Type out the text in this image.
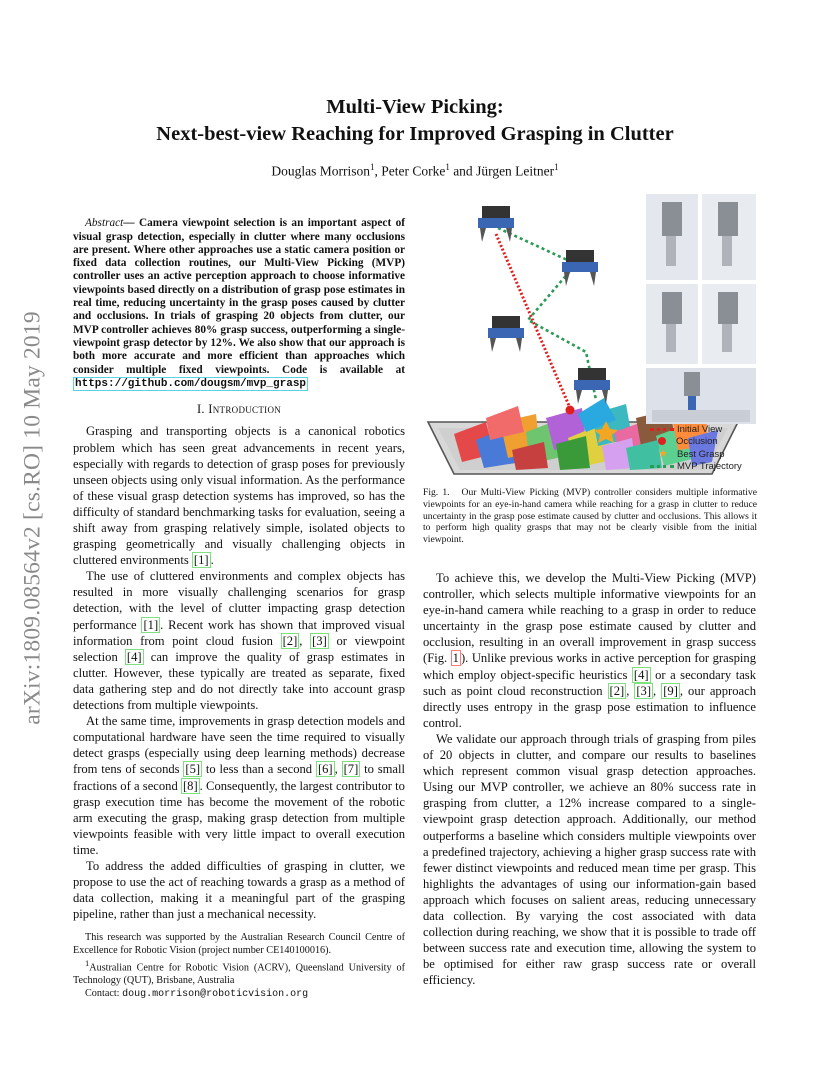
arXiv:1809.08564v2 [cs.RO] 10 May 2019
Multi-View Picking:
Next-best-view Reaching for Improved Grasping in Clutter
Douglas Morrison$^1$, Peter Corke$^1$ and Jürgen Leitner$^1$

Abstract— Camera viewpoint selection is an important aspect of visual grasp detection, especially in clutter where many occlusions are present. Where other approaches use a static camera position or fixed data collection routines, our Multi-View Picking (MVP) controller uses an active perception approach to choose informative viewpoints based directly on a distribution of grasp pose estimates in real time, reducing uncertainty in the grasp poses caused by clutter and occlusions. In trials of grasping 20 objects from clutter, our MVP controller achieves 80% grasp success, outperforming a single-viewpoint grasp detector by 12%. We also show that our approach is both more accurate and more efficient than approaches which consider multiple fixed viewpoints. Code is available at https://github.com/dougsm/mvp_grasp

I. Introduction

Grasping and transporting objects is a canonical robotics problem which has seen great advancements in recent years, especially with regards to detection of grasp poses for previously unseen objects using only visual information. As the performance of these visual grasp detection systems has improved, so has the difficulty of standard benchmarking tasks for evaluation, seeing a shift away from grasping relatively simple, isolated objects to grasping geometrically and visually challenging objects in cluttered environments [1] .

The use of cluttered environments and complex objects has resulted in more visually challenging scenarios for grasp detection, with the level of clutter impacting grasp detection performance [1] . Recent work has shown that improved visual information from point cloud fusion [2] , [3] or viewpoint selection [4] can improve the quality of grasp estimates in clutter. However, these typically are treated as separate, fixed data gathering step and do not directly take into account grasp detections from multiple viewpoints.

At the same time, improvements in grasp detection models and computational hardware have seen the time required to visually detect grasps (especially using deep learning methods) decrease from tens of seconds [5] to less than a second [6] , [7] to small fractions of a second [8] . Consequently, the largest contributor to grasp execution time has become the movement of the robotic arm executing the grasp, making grasp detection from multiple viewpoints feasible with very little impact to overall execution time.

To address the added difficulties of grasping in clutter, we propose to use the act of reaching towards a grasp as a method of data collection, making it a meaningful part of the grasping pipeline, rather than just a mechanical necessity.

This research was supported by the Australian Research Council Centre of Excellence for Robotic Vision (project number CE140100016).

$^1$Australian Centre for Robotic Vision (ACRV), Queensland University of Technology (QUT), Brisbane, Australia

Contact: doug.morrison@roboticvision.org

Initial View
Occlusion
★ Best Grasp
MVP Trajectory
Fig. 1. Our Multi-View Picking (MVP) controller considers multiple informative viewpoints for an eye-in-hand camera while reaching for a grasp in clutter to reduce uncertainty in the grasp pose estimate caused by clutter and occlusions. This allows it to perform high quality grasps that may not be clearly visible from the initial viewpoint.

To achieve this, we develop the Multi-View Picking (MVP) controller, which selects multiple informative viewpoints for an eye-in-hand camera while reaching to a grasp in order to reduce uncertainty in the grasp pose estimate caused by clutter and occlusion, resulting in an overall improvement in grasp success (Fig. 1 ). Unlike previous works in active perception for grasping which employ object-specific heuristics [4] or a secondary task such as point cloud reconstruction [2] , [3] , [9] , our approach directly uses entropy in the grasp pose estimation to influence control.

We validate our approach through trials of grasping from piles of 20 objects in clutter, and compare our results to baselines which represent common visual grasp detection approaches. Using our MVP controller, we achieve an 80% success rate in grasping from clutter, a 12% increase compared to a single-viewpoint grasp detection approach. Additionally, our method outperforms a baseline which considers multiple viewpoints over a predefined trajectory, achieving a higher grasp success rate with fewer distinct viewpoints and reduced mean time per grasp. This highlights the advantages of using our information-gain based approach which focuses on salient areas, reducing unnecessary data collection. By varying the cost associated with data collection during reaching, we show that it is possible to trade off between success rate and execution time, allowing the system to be optimised for either raw grasp success rate or overall efficiency.
